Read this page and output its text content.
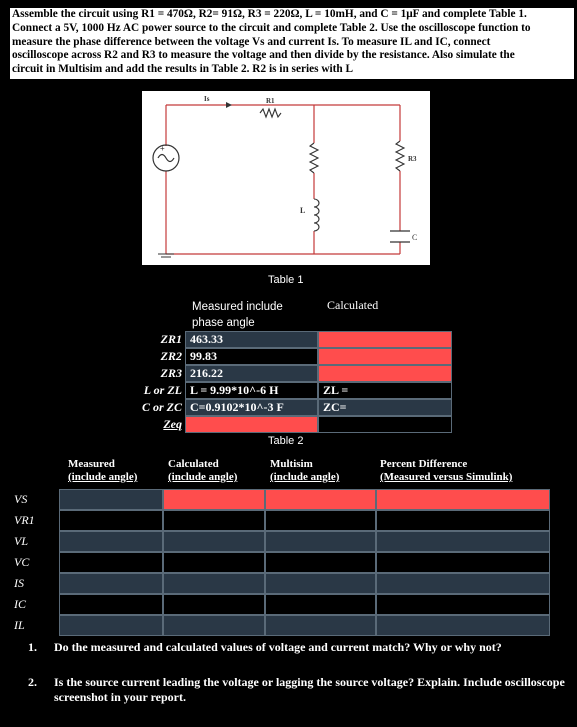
Assemble the circuit using R1 = 470Ω, R2= 91Ω, R3 = 220Ω, L = 10mH, and C = 1μF and complete Table 1.
Connect a 5V, 1000 Hz AC power source to the circuit and complete Table 2. Use the oscilloscope function to
measure the phase difference between the voltage Vs and current Is. To measure IL and IC, connect
oscilloscope across R2 and R3 to measure the voltage and then divide by the resistance. Also simulate the
circuit in Multisim and add the results in Table 2. R2 is in series with L
+
C
Is	R1
L
R3
Table 1
Measured include
phase angle
Calculated
ZR1
ZR2
ZR3
L or ZL
C or ZC
Zeq
463.33
99.83
216.22
L = 9.99*10^-6 H
C=0.9102*10^-3 F
ZL =
ZC=
Table 2
Measured
(include angle)
Calculated
(include angle)
Multisim
(include angle)
Percent Difference
(Measured versus Simulink)
VS
VR1
VL
VC
IS
IC
IL
1. Do the measured and calculated values of voltage and current match? Why or why not?
2. Is the source current leading the voltage or lagging the source voltage? Explain. Include oscilloscope screenshot in your report.
